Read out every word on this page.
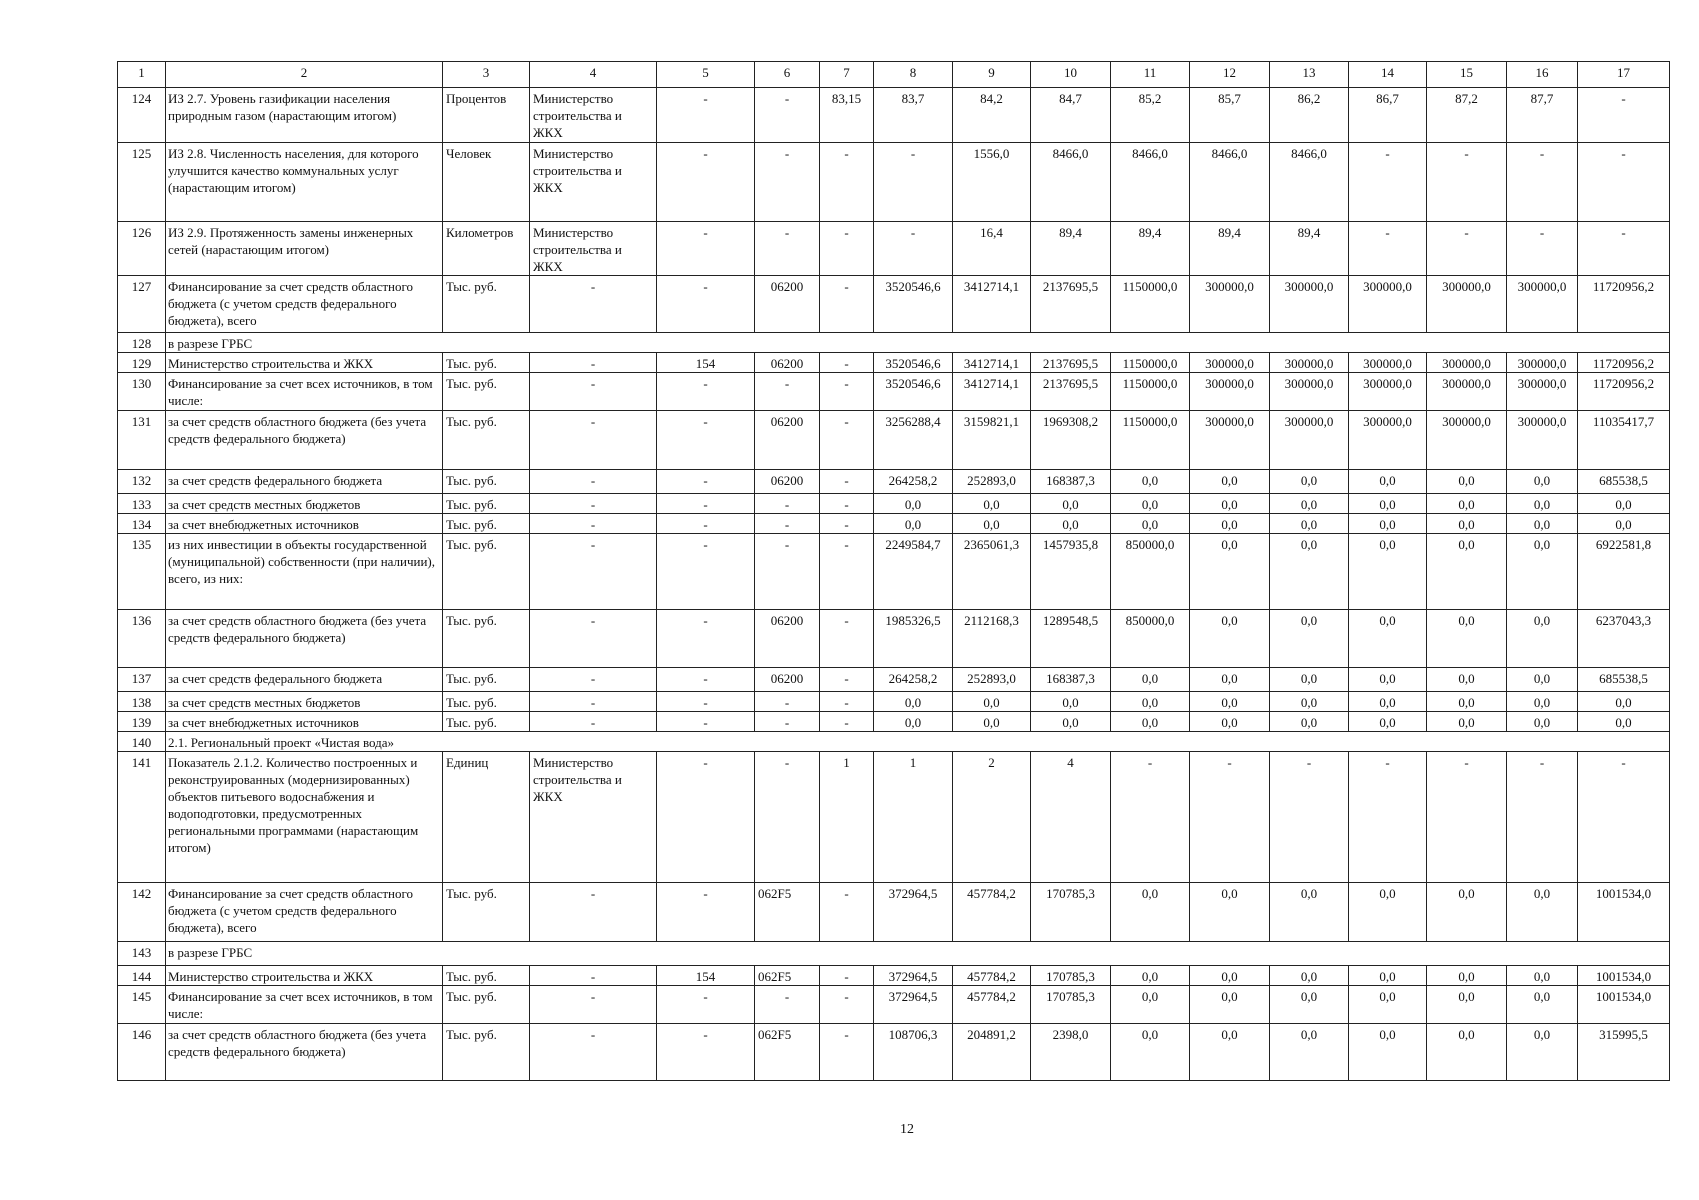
1	2	3	4	5	6	7	8	9	10	11	12	13	14	15	16	17
124	ИЗ 2.7. Уровень газификации населения природным газом (нарастающим итогом)	Процентов	Министерство строительства и ЖКХ	-	-	83,15	83,7	84,2	84,7	85,2	85,7	86,2	86,7	87,2	87,7	-
125	ИЗ 2.8. Численность населения, для которого улучшится качество коммунальных услуг (нарастающим итогом)	Человек	Министерство строительства и ЖКХ	-	-	-	-	1556,0	8466,0	8466,0	8466,0	8466,0	-	-	-	-
126	ИЗ 2.9. Протяженность замены инженерных сетей (нарастающим итогом)	Километров	Министерство строительства и ЖКХ	-	-	-	-	16,4	89,4	89,4	89,4	89,4	-	-	-	-
127	Финансирование за счет средств областного бюджета (с учетом средств федерального бюджета), всего	Тыс. руб.	-	-	06200	-	3520546,6	3412714,1	2137695,5	1150000,0	300000,0	300000,0	300000,0	300000,0	300000,0	11720956,2
128	в разрезе ГРБС															
129	Министерство строительства и ЖКХ	Тыс. руб.	-	154	06200	-	3520546,6	3412714,1	2137695,5	1150000,0	300000,0	300000,0	300000,0	300000,0	300000,0	11720956,2
130	Финансирование за счет всех источников, в том числе:	Тыс. руб.	-	-	-	-	3520546,6	3412714,1	2137695,5	1150000,0	300000,0	300000,0	300000,0	300000,0	300000,0	11720956,2
131	за счет средств областного бюджета (без учета средств федерального бюджета)	Тыс. руб.	-	-	06200	-	3256288,4	3159821,1	1969308,2	1150000,0	300000,0	300000,0	300000,0	300000,0	300000,0	11035417,7
132	за счет средств федерального бюджета	Тыс. руб.	-	-	06200	-	264258,2	252893,0	168387,3	0,0	0,0	0,0	0,0	0,0	0,0	685538,5
133	за счет средств местных бюджетов	Тыс. руб.	-	-	-	-	0,0	0,0	0,0	0,0	0,0	0,0	0,0	0,0	0,0	0,0
134	за счет внебюджетных источников	Тыс. руб.	-	-	-	-	0,0	0,0	0,0	0,0	0,0	0,0	0,0	0,0	0,0	0,0
135	из них инвестиции в объекты государственной (муниципальной) собственности (при наличии), всего, из них:	Тыс. руб.	-	-	-	-	2249584,7	2365061,3	1457935,8	850000,0	0,0	0,0	0,0	0,0	0,0	6922581,8
136	за счет средств областного бюджета (без учета средств федерального бюджета)	Тыс. руб.	-	-	06200	-	1985326,5	2112168,3	1289548,5	850000,0	0,0	0,0	0,0	0,0	0,0	6237043,3
137	за счет средств федерального бюджета	Тыс. руб.	-	-	06200	-	264258,2	252893,0	168387,3	0,0	0,0	0,0	0,0	0,0	0,0	685538,5
138	за счет средств местных бюджетов	Тыс. руб.	-	-	-	-	0,0	0,0	0,0	0,0	0,0	0,0	0,0	0,0	0,0	0,0
139	за счет внебюджетных источников	Тыс. руб.	-	-	-	-	0,0	0,0	0,0	0,0	0,0	0,0	0,0	0,0	0,0	0,0
140	2.1. Региональный проект «Чистая вода»															
141	Показатель 2.1.2. Количество построенных и реконструированных (модернизированных) объектов питьевого водоснабжения и водоподготовки, предусмотренных региональными программами (нарастающим итогом)	Единиц	Министерство строительства и ЖКХ	-	-	1	1	2	4	-	-	-	-	-	-	-
142	Финансирование за счет средств областного бюджета (с учетом средств федерального бюджета), всего	Тыс. руб.	-	-	062F5	-	372964,5	457784,2	170785,3	0,0	0,0	0,0	0,0	0,0	0,0	1001534,0
143	в разрезе ГРБС															
144	Министерство строительства и ЖКХ	Тыс. руб.	-	154	062F5	-	372964,5	457784,2	170785,3	0,0	0,0	0,0	0,0	0,0	0,0	1001534,0
145	Финансирование за счет всех источников, в том числе:	Тыс. руб.	-	-	-	-	372964,5	457784,2	170785,3	0,0	0,0	0,0	0,0	0,0	0,0	1001534,0
146	за счет средств областного бюджета (без учета средств федерального бюджета)	Тыс. руб.	-	-	062F5	-	108706,3	204891,2	2398,0	0,0	0,0	0,0	0,0	0,0	0,0	315995,5
12
